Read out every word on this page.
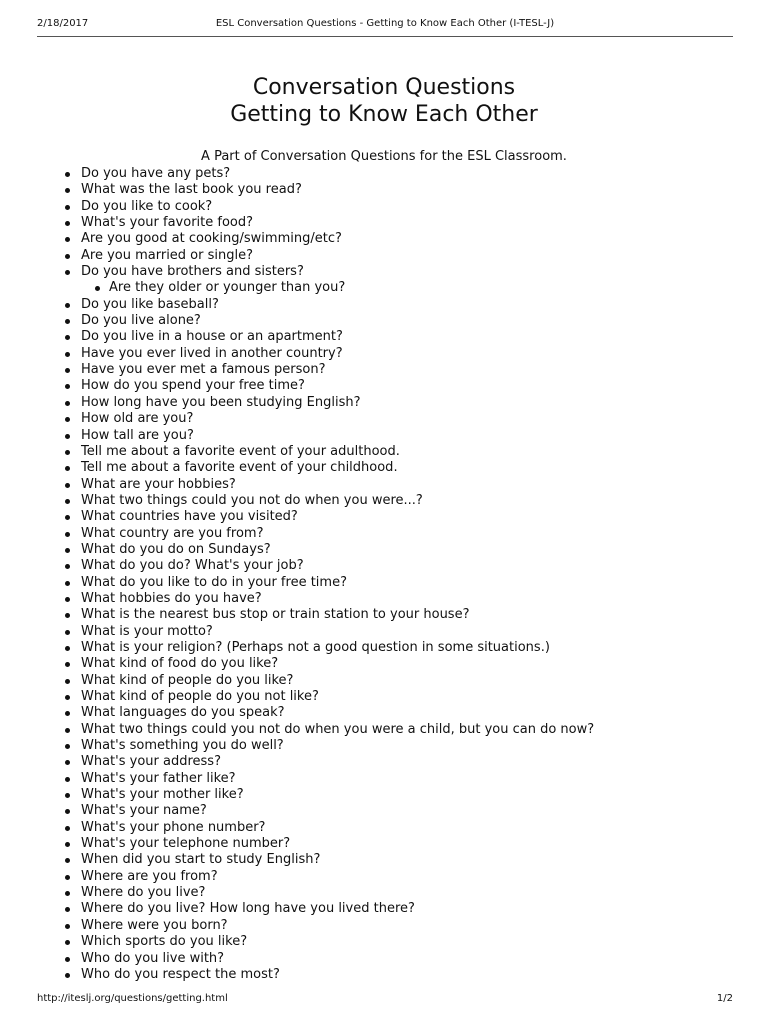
2/18/2017	ESL Conversation Questions - Getting to Know Each Other (I-TESL-J)
Conversation Questions
Getting to Know Each Other
A Part of Conversation Questions for the ESL Classroom.
Do you have any pets?
What was the last book you read?
Do you like to cook?
What's your favorite food?
Are you good at cooking/swimming/etc?
Are you married or single?
Do you have brothers and sisters?
Are they older or younger than you?
Do you like baseball?
Do you live alone?
Do you live in a house or an apartment?
Have you ever lived in another country?
Have you ever met a famous person?
How do you spend your free time?
How long have you been studying English?
How old are you?
How tall are you?
Tell me about a favorite event of your adulthood.
Tell me about a favorite event of your childhood.
What are your hobbies?
What two things could you not do when you were...?
What countries have you visited?
What country are you from?
What do you do on Sundays?
What do you do? What's your job?
What do you like to do in your free time?
What hobbies do you have?
What is the nearest bus stop or train station to your house?
What is your motto?
What is your religion? (Perhaps not a good question in some situations.)
What kind of food do you like?
What kind of people do you like?
What kind of people do you not like?
What languages do you speak?
What two things could you not do when you were a child, but you can do now?
What's something you do well?
What's your address?
What's your father like?
What's your mother like?
What's your name?
What's your phone number?
What's your telephone number?
When did you start to study English?
Where are you from?
Where do you live?
Where do you live? How long have you lived there?
Where were you born?
Which sports do you like?
Who do you live with?
Who do you respect the most?
http://iteslj.org/questions/getting.html	1/2
